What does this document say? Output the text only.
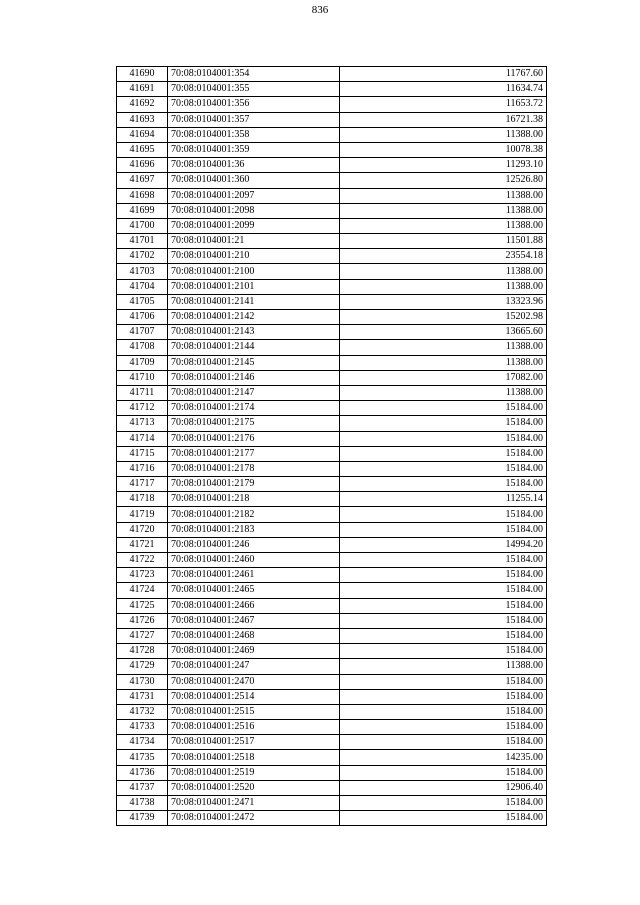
836
41690	70:08:0104001:354	11767.60
41691	70:08:0104001:355	11634.74
41692	70:08:0104001:356	11653.72
41693	70:08:0104001:357	16721.38
41694	70:08:0104001:358	11388.00
41695	70:08:0104001:359	10078.38
41696	70:08:0104001:36	11293.10
41697	70:08:0104001:360	12526.80
41698	70:08:0104001:2097	11388.00
41699	70:08:0104001:2098	11388.00
41700	70:08:0104001:2099	11388.00
41701	70:08:0104001:21	11501.88
41702	70:08:0104001:210	23554.18
41703	70:08:0104001:2100	11388.00
41704	70:08:0104001:2101	11388.00
41705	70:08:0104001:2141	13323.96
41706	70:08:0104001:2142	15202.98
41707	70:08:0104001:2143	13665.60
41708	70:08:0104001:2144	11388.00
41709	70:08:0104001:2145	11388.00
41710	70:08:0104001:2146	17082.00
41711	70:08:0104001:2147	11388.00
41712	70:08:0104001:2174	15184.00
41713	70:08:0104001:2175	15184.00
41714	70:08:0104001:2176	15184.00
41715	70:08:0104001:2177	15184.00
41716	70:08:0104001:2178	15184.00
41717	70:08:0104001:2179	15184.00
41718	70:08:0104001:218	11255.14
41719	70:08:0104001:2182	15184.00
41720	70:08:0104001:2183	15184.00
41721	70:08:0104001:246	14994.20
41722	70:08:0104001:2460	15184.00
41723	70:08:0104001:2461	15184.00
41724	70:08:0104001:2465	15184.00
41725	70:08:0104001:2466	15184.00
41726	70:08:0104001:2467	15184.00
41727	70:08:0104001:2468	15184.00
41728	70:08:0104001:2469	15184.00
41729	70:08:0104001:247	11388.00
41730	70:08:0104001:2470	15184.00
41731	70:08:0104001:2514	15184.00
41732	70:08:0104001:2515	15184.00
41733	70:08:0104001:2516	15184.00
41734	70:08:0104001:2517	15184.00
41735	70:08:0104001:2518	14235.00
41736	70:08:0104001:2519	15184.00
41737	70:08:0104001:2520	12906.40
41738	70:08:0104001:2471	15184.00
41739	70:08:0104001:2472	15184.00
